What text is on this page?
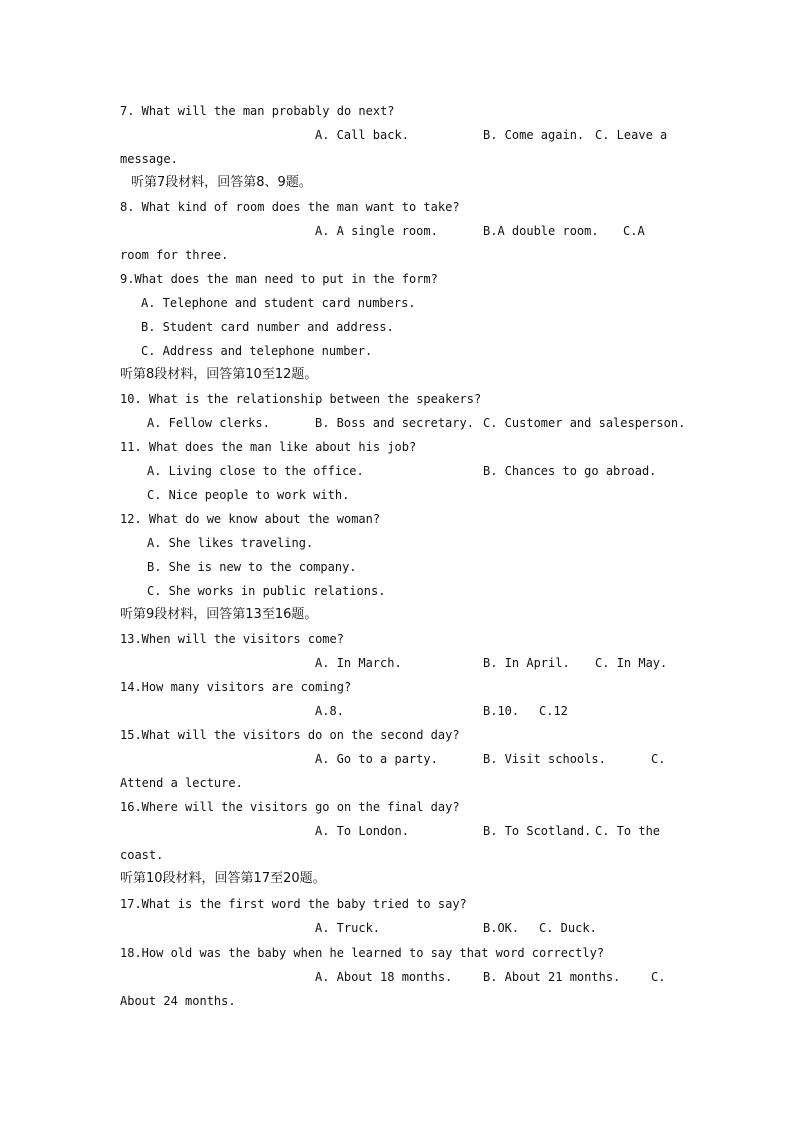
7. What will the man probably do next?
A. Call back.	B. Come again. C. Leave a
message.
听第7段材料，回答第8、9题。
8. What kind of room does the man want to take?
A. A single room.	B.A double room. C.A
room for three.
9.What does the man need to put in the form?
A. Telephone and student card numbers.
B. Student card number and address.
C. Address and telephone number.
听第8段材料，回答第10至12题。
10. What is the relationship between the speakers?
A. Fellow clerks.	B. Boss and secretary. C. Customer and salesperson.
11. What does the man like about his job?
A. Living close to the office.	B. Chances to go abroad.
C. Nice people to work with.
12. What do we know about the woman?
A. She likes traveling.
B. She is new to the company.
C. She works in public relations.
听第9段材料，回答第13至16题。
13.When will the visitors come?
A. In March.	B. In April. C. In May.
14.How many visitors are coming?
A.8.	B.10. C.12
15.What will the visitors do on the second day?
A. Go to a party.	B. Visit schools.	C.
Attend a lecture.
16.Where will the visitors go on the final day?
A. To London.	B. To Scotland. C. To the
coast.
听第10段材料，回答第17至20题。
17.What is the first word the baby tried to say?
A. Truck.	B.OK. C. Duck.
18.How old was the baby when he learned to say that word correctly?
A. About 18 months.	B. About 21 months.	C.
About 24 months.
